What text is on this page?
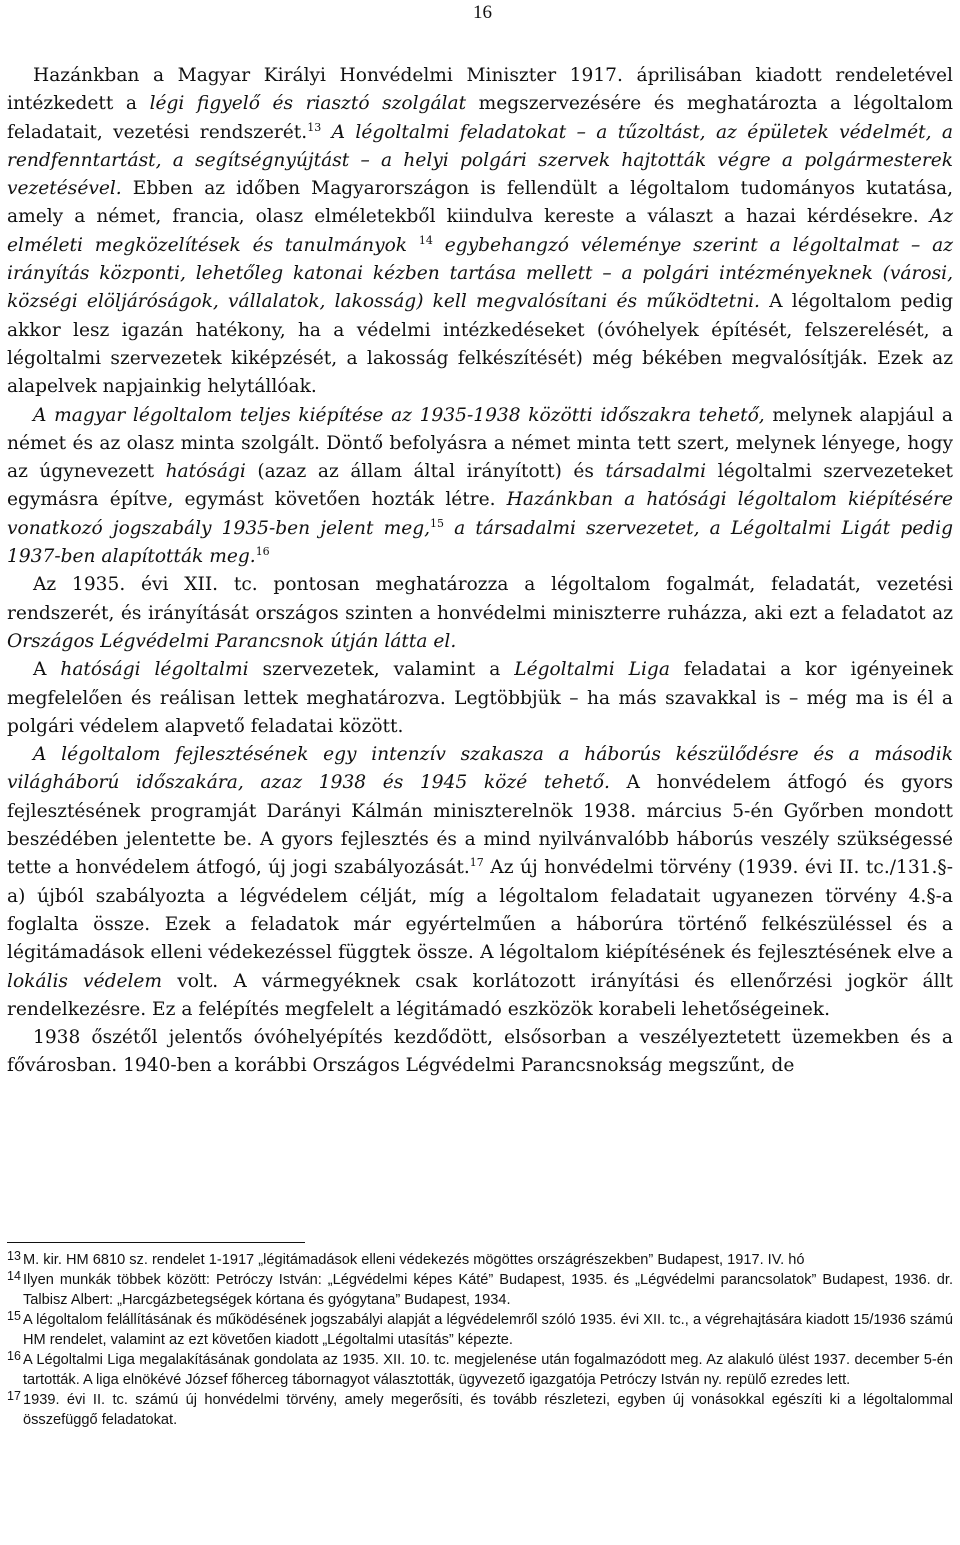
16

Hazánkban a Magyar Királyi Honvédelmi Miniszter 1917. áprilisában kiadott rendeletével intézkedett a légi figyelő és riasztó szolgálat megszervezésére és meghatározta a légoltalom feladatait, vezetési rendszerét.$^{13}$ A légoltalmi feladatokat – a tűzoltást, az épületek védelmét, a rendfenntartást, a segítségnyújtást – a helyi polgári szervek hajtották végre a polgármesterek vezetésével. Ebben az időben Magyarországon is fellendült a légoltalom tudományos kutatása, amely a német, francia, olasz elméletekből kiindulva kereste a választ a hazai kérdésekre. Az elméleti megközelítések és tanulmányok $^{14}$ egybehangzó véleménye szerint a légoltalmat – az irányítás központi, lehetőleg katonai kézben tartása mellett – a polgári intézményeknek (városi, községi elöljáróságok, vállalatok, lakosság) kell megvalósítani és működtetni. A légoltalom pedig akkor lesz igazán hatékony, ha a védelmi intézkedéseket (óvóhelyek építését, felszerelését, a légoltalmi szervezetek kiképzését, a lakosság felkészítését) még békében megvalósítják. Ezek az alapelvek napjainkig helytállóak.

A magyar légoltalom teljes kiépítése az 1935-1938 közötti időszakra tehető, melynek alapjául a német és az olasz minta szolgált. Döntő befolyásra a német minta tett szert, melynek lényege, hogy az úgynevezett hatósági (azaz az állam által irányított) és társadalmi légoltalmi szervezeteket egymásra építve, egymást követően hozták létre. Hazánkban a hatósági légoltalom kiépítésére vonatkozó jogszabály 1935-ben jelent meg,$^{15}$ a társadalmi szervezetet, a Légoltalmi Ligát pedig 1937-ben alapították meg.$^{16}$

Az 1935. évi XII. tc. pontosan meghatározza a légoltalom fogalmát, feladatát, vezetési rendszerét, és irányítását országos szinten a honvédelmi miniszterre ruházza, aki ezt a feladatot az Országos Légvédelmi Parancsnok útján látta el.

A hatósági légoltalmi szervezetek, valamint a Légoltalmi Liga feladatai a kor igényeinek megfelelően és reálisan lettek meghatározva. Legtöbbjük – ha más szavakkal is – még ma is él a polgári védelem alapvető feladatai között.

A légoltalom fejlesztésének egy intenzív szakasza a háborús készülődésre és a második világháború időszakára, azaz 1938 és 1945 közé tehető. A honvédelem átfogó és gyors fejlesztésének programját Darányi Kálmán miniszterelnök 1938. március 5-én Győrben mondott beszédében jelentette be. A gyors fejlesztés és a mind nyilvánvalóbb háborús veszély szükségessé tette a honvédelem átfogó, új jogi szabályozását.$^{17}$ Az új honvédelmi törvény (1939. évi II. tc./131.§-a) újból szabályozta a légvédelem célját, míg a légoltalom feladatait ugyanezen törvény 4.§-a foglalta össze. Ezek a feladatok már egyértelműen a háborúra történő felkészüléssel és a légitámadások elleni védekezéssel függtek össze. A légoltalom kiépítésének és fejlesztésének elve a lokális védelem volt. A vármegyéknek csak korlátozott irányítási és ellenőrzési jogkör állt rendelkezésre. Ez a felépítés megfelelt a légitámadó eszközök korabeli lehetőségeinek.

1938 őszétől jelentős óvóhelyépítés kezdődött, elsősorban a veszélyeztetett üzemekben és a fővárosban. 1940-ben a korábbi Országos Légvédelmi Parancsnokság megszűnt, de

13 M. kir. HM 6810 sz. rendelet 1-1917 „légitámadások elleni védekezés mögöttes országrészekben” Budapest, 1917. IV. hó

14 Ilyen munkák többek között: Petróczy István: „Légvédelmi képes Káté” Budapest, 1935. és „Légvédelmi parancsolatok” Budapest, 1936. dr. Talbisz Albert: „Harcgázbetegségek kórtana és gyógytana” Budapest, 1934.

15 A légoltalom felállításának és működésének jogszabályi alapját a légvédelemről szóló 1935. évi XII. tc., a végrehajtására kiadott 15/1936 számú HM rendelet, valamint az ezt követően kiadott „Légoltalmi utasítás” képezte.

16 A Légoltalmi Liga megalakításának gondolata az 1935. XII. 10. tc. megjelenése után fogalmazódott meg. Az alakuló ülést 1937. december 5-én tartották. A liga elnökévé József főherceg tábornagyot választották, ügyvezető igazgatója Petróczy István ny. repülő ezredes lett.

17 1939. évi II. tc. számú új honvédelmi törvény, amely megerősíti, és tovább részletezi, egyben új vonásokkal egészíti ki a légoltalommal összefüggő feladatokat.
